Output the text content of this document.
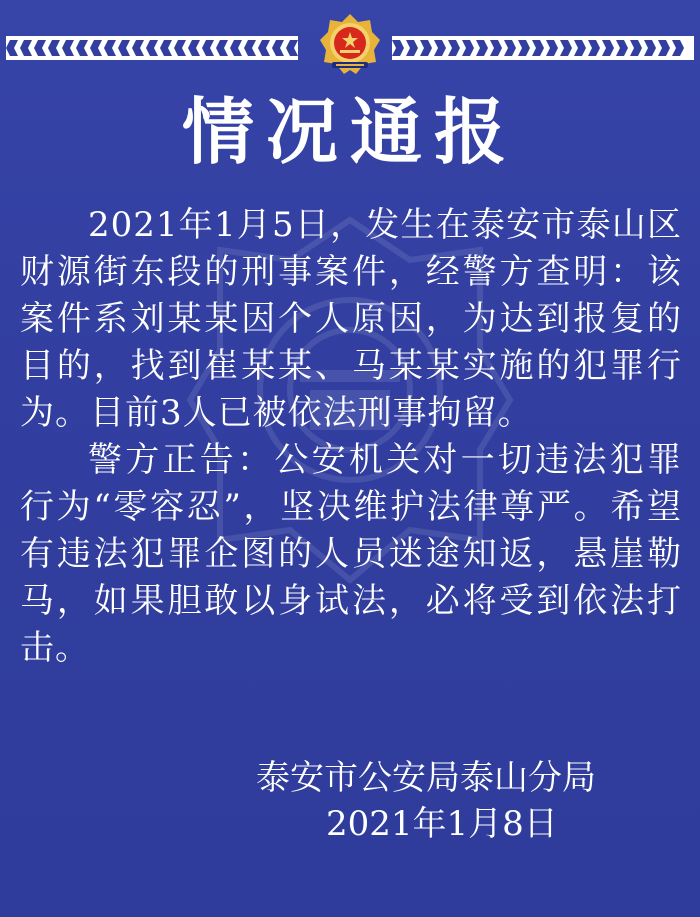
情况通报

2021年1月5日，发生在泰安市泰山区财源街东段的刑事案件，经警方查明：该案件系刘某某因个人原因，为达到报复的目的，找到崔某某、马某某实施的犯罪行为。目前3人已被依法刑事拘留。

警方正告：公安机关对一切违法犯罪行为“零容忍”，坚决维护法律尊严。希望有违法犯罪企图的人员迷途知返，悬崖勒马，如果胆敢以身试法，必将受到依法打击。

泰安市公安局泰山分局
2021年1月8日
